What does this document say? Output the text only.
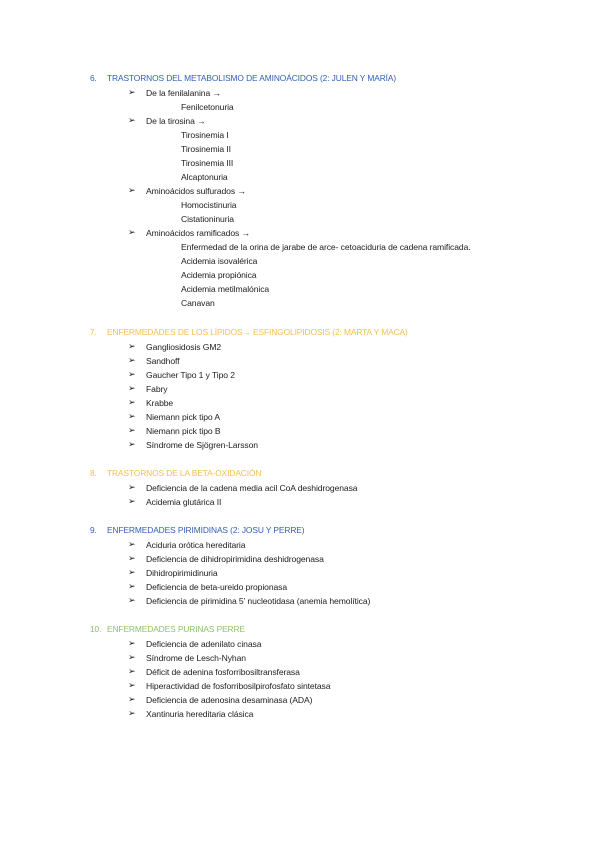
6. TRASTORNOS DEL METABOLISMO DE AMINOÁCIDOS (2: JULEN Y MARÍA)
➢ De la fenilalanina →
Fenilcetonuria
➢ De la tirosina →
Tirosinemia I
Tirosinemia II
Tirosinemia III
Alcaptonuria
➢ Aminoácidos sulfurados →
Homocistinuria
Cistationinuria
➢ Aminoácidos ramificados →
Enfermedad de la orina de jarabe de arce- cetoaciduria de cadena ramificada.
Acidemia isovalérica
Acidemia propiónica
Acidemia metilmalónica
Canavan
7. ENFERMEDADES DE LOS LÍPIDOS→ ESFINGOLIPIDOSIS (2: MARTA Y MACA)
➢ Gangliosidosis GM2
➢ Sandhoff
➢ Gaucher Tipo 1 y Tipo 2
➢ Fabry
➢ Krabbe
➢ Niemann pick tipo A
➢ Niemann pick tipo B
➢ Síndrome de Sjögren-Larsson
8. TRASTORNOS DE LA BETA-OXIDACIÓN
➢ Deficiencia de la cadena media acil CoA deshidrogenasa
➢ Acidemia glutárica II
9. ENFERMEDADES PIRIMIDINAS (2: JOSU Y PERRE)
➢ Aciduria orótica hereditaria
➢ Deficiencia de dihidropirimidina deshidrogenasa
➢ Dihidropirimidinuria
➢ Deficiencia de beta-ureido propionasa
➢ Deficiencia de pirimidina 5’ nucleotidasa (anemia hemolítica)
10. ENFERMEDADES PURINAS PERRE
➢ Deficiencia de adenilato cinasa
➢ Síndrome de Lesch-Nyhan
➢ Déficit de adenina fosforribosiltransferasa
➢ Hiperactividad de fosforribosilpirofosfato sintetasa
➢ Deficiencia de adenosina desaminasa (ADA)
➢ Xantinuria hereditaria clásica
